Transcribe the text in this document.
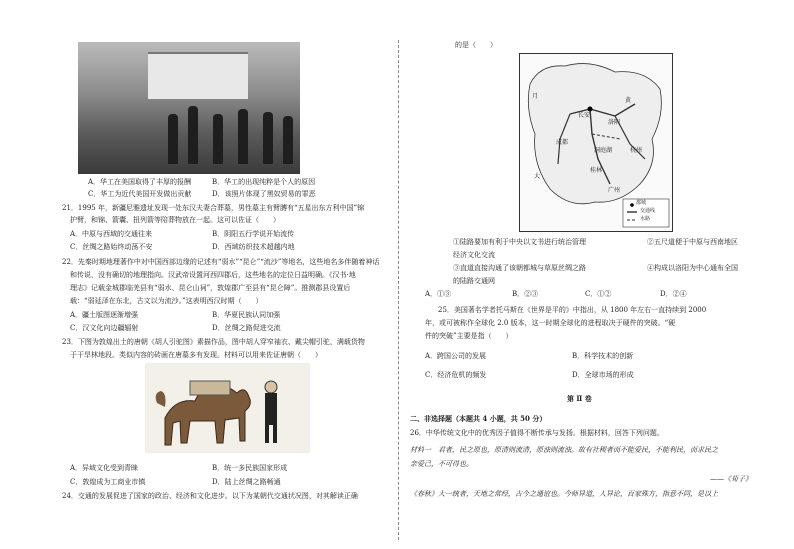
A．华工在美国取得了丰厚的报酬	B．华工的出现纯粹是个人的原因
C．华工为近代美国开发做出贡献	D．该照片体现了黑奴贸易的罪恶
21．1995 年，新疆尼雅遗址发现一处东汉夫妻合葬墓，男性墓主有臂膊有“五星出东方利中国”锦
护臂，和锦、箭囊、扭列箭等陪葬物放在一起。这可以佐证（　　）
A．中原与西域的交通往来	B．阴阳五行学说开始流传
C．丝绸之路始终动荡不安	D．西域纺织技术超越内地
22．先秦时期地理著作中对中国西部边缘的记述有“弱水”“昆仑”“流沙”等地名，这些地名多伴随着神话
和传说，没有确切的地理指向。汉武帝设置河西四郡后，这些地名的定位日益明确。《汉书·地
理志》记载金城郡临羌县有“弱水、昆仑山祠”，敦煌郡广至县有“昆仑障”。推测郡县设置后
载：“弱延泽在东北，古文以为流沙。”这表明西汉时期（　　）
A．疆土版图逐渐增强	B．华夏民族认同加强
C．汉文化向边疆辐射	D．丝绸之路促进交流
23．下图为敦煌出土的唐朝《胡人引驼图》素描作品，图中胡人穿窄袖衣、戴尖帽引驼，满载货物
于干旱林地段。类似内容的砖画在唐墓多有发现。材料可以用来佐证唐朝（　　）
A．异域文化受到青睐	B．统一多民族国家形成
C．敦煌成为工商业市镇	D．陆上丝绸之路畅通
24．交通的发展促进了国家的政治、经济和文化进步。以下为某朝代交通状况图，对其解读正确
的是（　　）
月
长安
洛阳
黄
成都
大
杭州
桂林
广州
洞庭湖
都城
交通线
水路
①陆路要加有利于中央以文书进行统治管理	②五尺道便于中原与西南地区
经济文化交流
③直道直接沟通了该朝都城与草原丝绸之路	④构成以洛阳为中心通布全国
的陆路交通网
A．①③	B．②③	C．①②	D．②④
25．美国著名学者托马斯在《世界是平的》中指出，从 1800 年左右一直持续到 2000
年，或可被称作全球化 2.0 版本，这一时期全球化的进程取决于硬件的突破。“硬
件的突破”主要是指（　　）
A．跨国公司的发展	B．科学技术的创新
C．经济危机的频发	D．全球市场的形成
第 Ⅱ 卷
二、非选择题（本题共 4 小题，共 50 分）
26．中华传统文化中的优秀因子值得不断传承与发扬。根据材料，回答下列问题。
材料一　君者，民之原也，原清则流清，原浊则流浊。故有社稷者而不能爱民，不能利民，而求民之
亲爱己，不可得也。
——《荀子》
《春秋》大一统者，天地之常经，古今之通谊也。今师异道，人异论，百家殊方，指意不同，是以上
